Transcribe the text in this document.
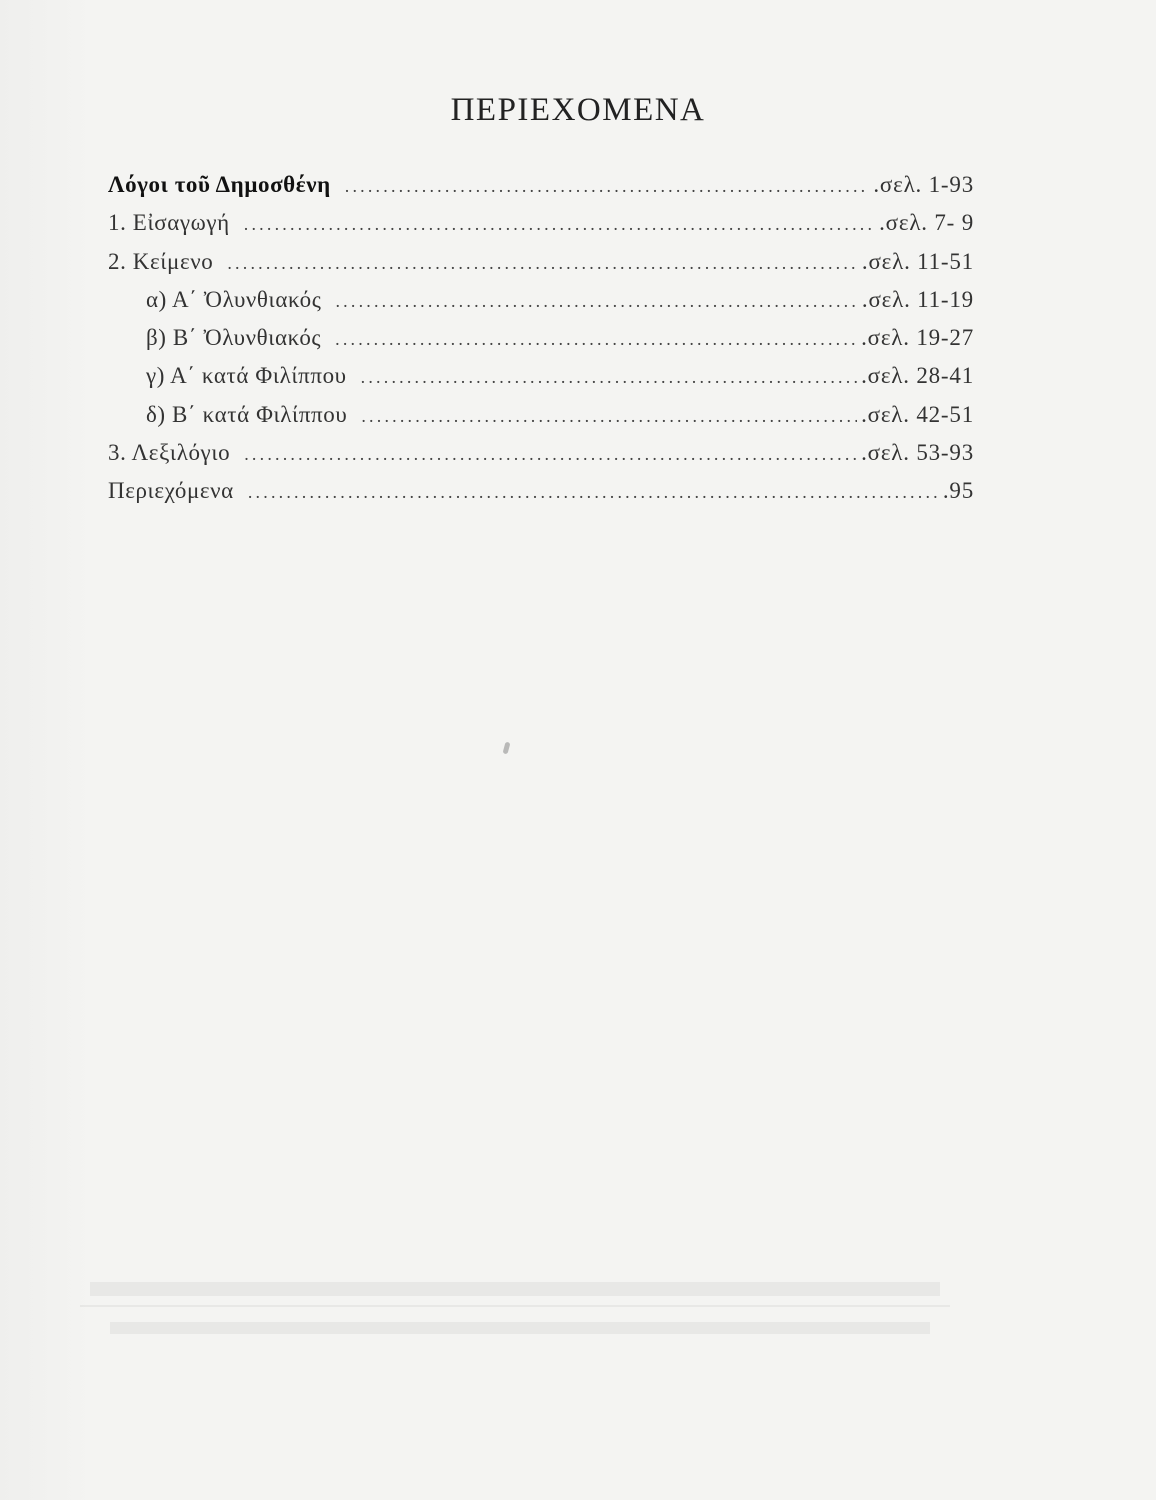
ΠΕΡΙΕΧΟΜΕΝΑ
Λόγοι τοῦ Δημοσθένη .....	.σελ. 1-93
1. Εἰσαγωγή .....	.σελ. 7- 9
2. Κείμενο .....	.σελ. 11-51
α) Α΄ Ὀλυνθιακός .....	.σελ. 11-19
β) Β΄ Ὀλυνθιακός .....	.σελ. 19-27
γ) Α΄ κατά Φιλίππου .....	.σελ. 28-41
δ) Β΄ κατά Φιλίππου .....	.σελ. 42-51
3. Λεξιλόγιο .....	.σελ. 53-93
Περιεχόμενα .....	.95
